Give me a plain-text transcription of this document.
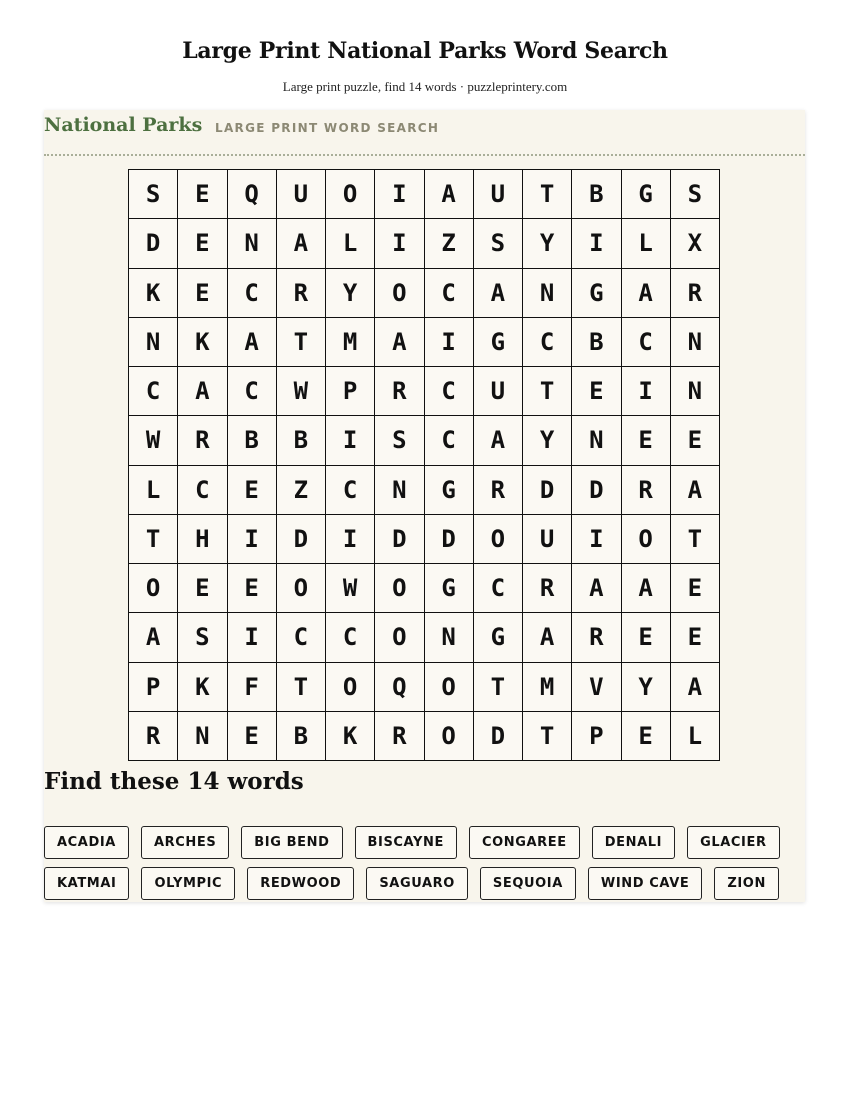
Large Print National Parks Word Search
Large print puzzle, find 14 words · puzzleprintery.com
National Parks LARGE PRINT WORD SEARCH
S	E	Q	U	O	I	A	U	T	B	G	S
D	E	N	A	L	I	Z	S	Y	I	L	X
K	E	C	R	Y	O	C	A	N	G	A	R
N	K	A	T	M	A	I	G	C	B	C	N
C	A	C	W	P	R	C	U	T	E	I	N
W	R	B	B	I	S	C	A	Y	N	E	E
L	C	E	Z	C	N	G	R	D	D	R	A
T	H	I	D	I	D	D	O	U	I	O	T
O	E	E	O	W	O	G	C	R	A	A	E
A	S	I	C	C	O	N	G	A	R	E	E
P	K	F	T	O	Q	O	T	M	V	Y	A
R	N	E	B	K	R	O	D	T	P	E	L
Find these 14 words
ACADIA	ARCHES	BIG BEND	BISCAYNE	CONGAREE	DENALI	GLACIER
KATMAI	OLYMPIC	REDWOOD	SAGUARO	SEQUOIA	WIND CAVE	ZION
